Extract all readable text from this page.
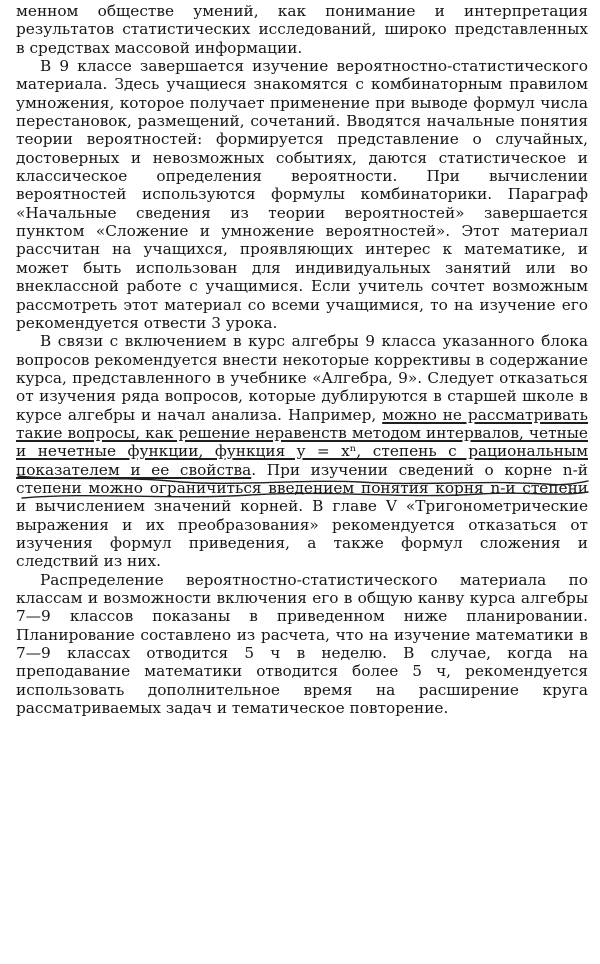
менном обществе умений, как понимание и интерпретация результатов статистических исследований, широко представленных в средствах массовой информации.

В 9 классе завершается изучение вероятностно-статистического материала. Здесь учащиеся знакомятся с комбинаторным правилом умножения, которое получает применение при выводе формул числа перестановок, размещений, сочетаний. Вводятся начальные понятия теории вероятностей: формируется представление о случайных, достоверных и невозможных событиях, даются статистическое и классическое определения вероятности. При вычислении вероятностей используются формулы комбинаторики. Параграф «Начальные сведения из теории вероятностей» завершается пунктом «Сложение и умножение вероятностей». Этот материал рассчитан на учащихся, проявляющих интерес к математике, и может быть использован для индивидуальных занятий или во внеклассной работе с учащимися. Если учитель сочтет возможным рассмотреть этот материал со всеми учащимися, то на изучение его рекомендуется отвести 3 урока.

В связи с включением в курс алгебры 9 класса указанного блока вопросов рекомендуется внести некоторые коррективы в содержание курса, представленного в учебнике «Алгебра, 9». Следует отказаться от изучения ряда вопросов, которые дублируются в старшей школе в курсе алгебры и начал анализа. Например, можно не рассматривать такие вопросы, как решение неравенств методом интервалов, четные и нечетные функции, функция y = xⁿ, степень с рациональным показателем и ее свойства. При изучении сведений о корне n-й степени можно ограничиться введением понятия корня n-й степени и вычислением значений корней. В главе V «Тригонометрические выражения и их преобразования» рекомендуется отказаться от изучения формул приведения, а также формул сложения и следствий из них.

Распределение вероятностно-статистического материала по классам и возможности включения его в общую канву курса алгебры 7—9 классов показаны в приведенном ниже планировании. Планирование составлено из расчета, что на изучение математики в 7—9 классах отводится 5 ч в неделю. В случае, когда на преподавание математики отводится более 5 ч, рекомендуется использовать дополнительное время на расширение круга рассматриваемых задач и тематическое повторение.
